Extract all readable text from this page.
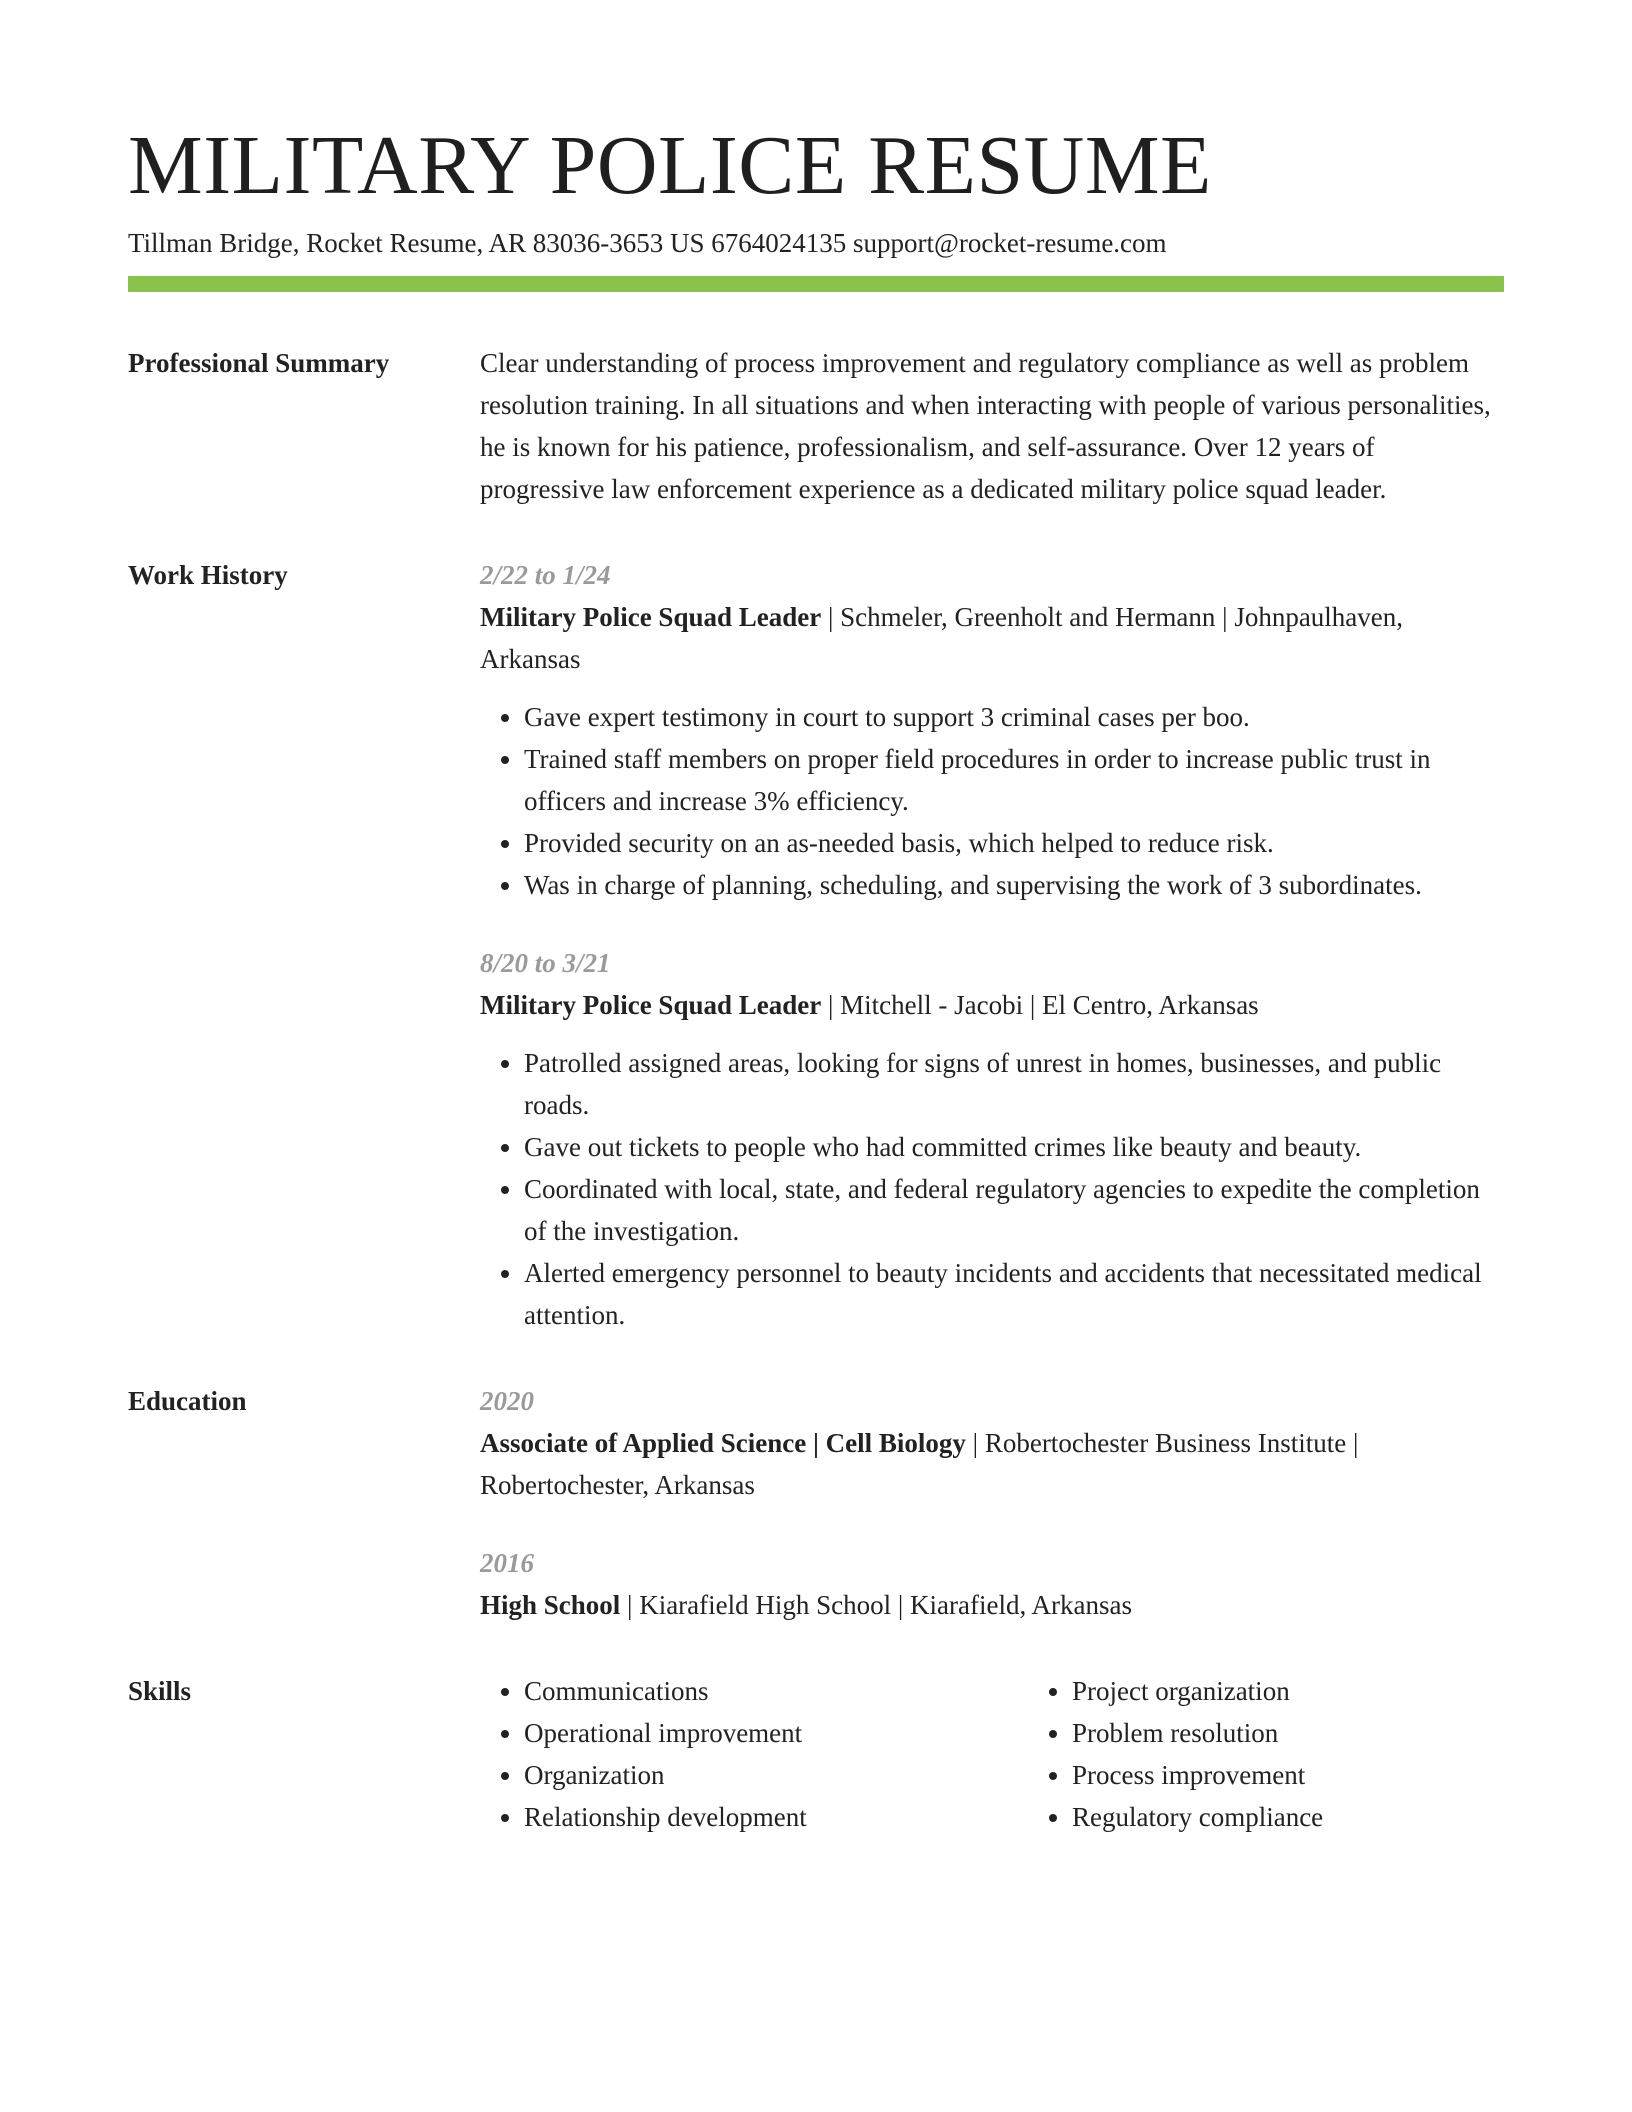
MILITARY POLICE RESUME
Tillman Bridge, Rocket Resume, AR 83036-3653 US 6764024135 support@rocket-resume.com
Professional Summary	Clear understanding of process improvement and regulatory compliance as well as problem resolution training. In all situations and when interacting with people of various personalities, he is known for his patience, professionalism, and self-assurance. Over 12 years of progressive law enforcement experience as a dedicated military police squad leader.

Work History	2/22 to 1/24
Military Police Squad Leader | Schmeler, Greenholt and Hermann | Johnpaulhaven, Arkansas
• Gave expert testimony in court to support 3 criminal cases per boo.
• Trained staff members on proper field procedures in order to increase public trust in officers and increase 3% efficiency.
• Provided security on an as-needed basis, which helped to reduce risk.
• Was in charge of planning, scheduling, and supervising the work of 3 subordinates.
8/20 to 3/21
Military Police Squad Leader | Mitchell - Jacobi | El Centro, Arkansas
• Patrolled assigned areas, looking for signs of unrest in homes, businesses, and public roads.
• Gave out tickets to people who had committed crimes like beauty and beauty.
• Coordinated with local, state, and federal regulatory agencies to expedite the completion of the investigation.
• Alerted emergency personnel to beauty incidents and accidents that necessitated medical attention.
Education	2020
Associate of Applied Science | Cell Biology | Robertochester Business Institute | Robertochester, Arkansas
2016
High School | Kiarafield High School | Kiarafield, Arkansas
Skills
•	Communications
• Operational improvement
• Organization
• Relationship development
• Project organization
• Problem resolution
• Process improvement
• Regulatory compliance
